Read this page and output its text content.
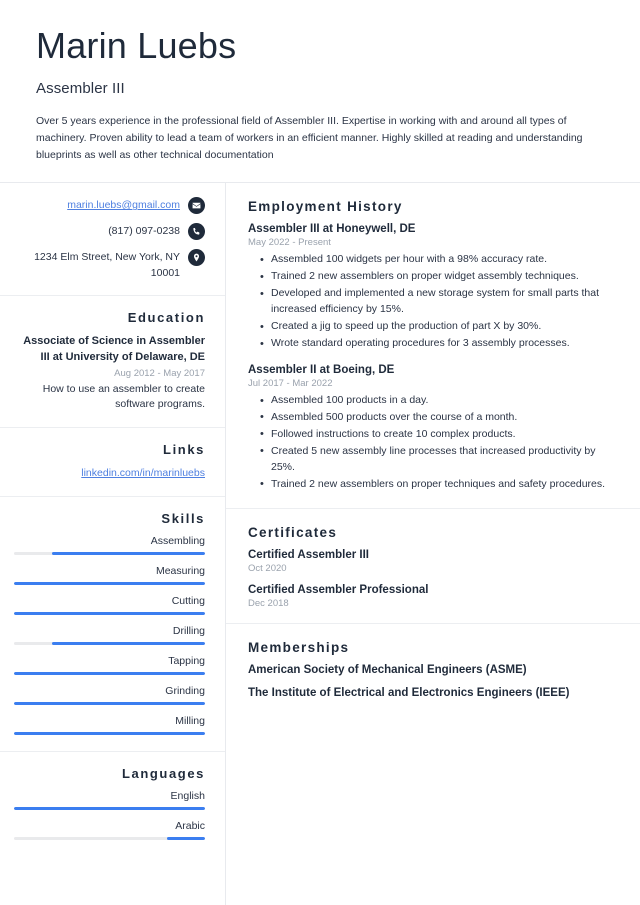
Marin Luebs
Assembler III
Over 5 years experience in the professional field of Assembler III. Expertise in working with and around all types of machinery. Proven ability to lead a team of workers in an efficient manner. Highly skilled at reading and understanding blueprints as well as other technical documentation
marin.luebs@gmail.com
(817) 097-0238
1234 Elm Street, New York, NY 10001
Education
Associate of Science in Assembler III at University of Delaware, DE
Aug 2012 - May 2017
How to use an assembler to create software programs.
Links
linkedin.com/in/marinluebs
Skills
Assembling
Measuring
Cutting
Drilling
Tapping
Grinding
Milling
Languages
English
Arabic
Employment History
Assembler III at Honeywell, DE
May 2022 - Present
• Assembled 100 widgets per hour with a 98% accuracy rate.
• Trained 2 new assemblers on proper widget assembly techniques.
• Developed and implemented a new storage system for small parts that increased efficiency by 15%.
• Created a jig to speed up the production of part X by 30%.
• Wrote standard operating procedures for 3 assembly processes.
Assembler II at Boeing, DE
Jul 2017 - Mar 2022
• Assembled 100 products in a day.
• Assembled 500 products over the course of a month.
• Followed instructions to create 10 complex products.
• Created 5 new assembly line processes that increased productivity by 25%.
• Trained 2 new assemblers on proper techniques and safety procedures.
Certificates
Certified Assembler III
Oct 2020
Certified Assembler Professional
Dec 2018
Memberships
American Society of Mechanical Engineers (ASME)
The Institute of Electrical and Electronics Engineers (IEEE)
